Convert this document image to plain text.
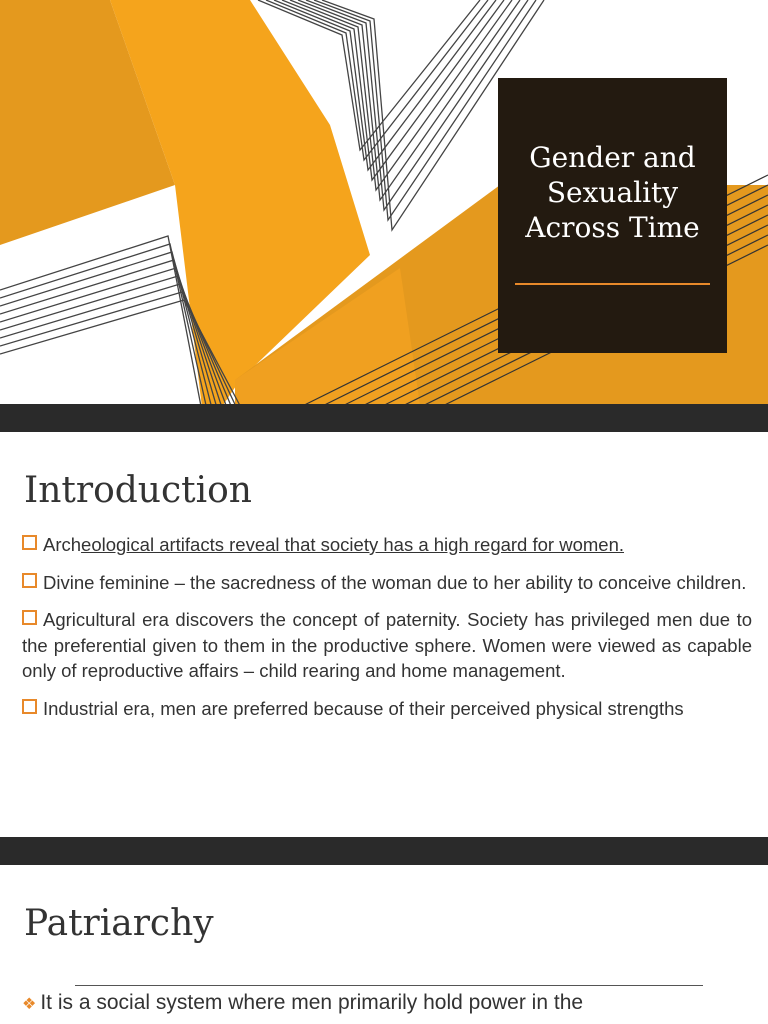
Gender and
Sexuality
Across Time
Introduction
Archeological artifacts reveal that society has a high regard for women.
Divine feminine – the sacredness of the woman due to her ability to conceive children.
Agricultural era discovers the concept of paternity. Society has privileged men due to the preferential given to them in the productive sphere. Women were viewed as capable only of reproductive affairs – child rearing and home management.
Industrial era, men are preferred because of their perceived physical strengths
Patriarchy
❖ It is a social system where men primarily hold power in the
